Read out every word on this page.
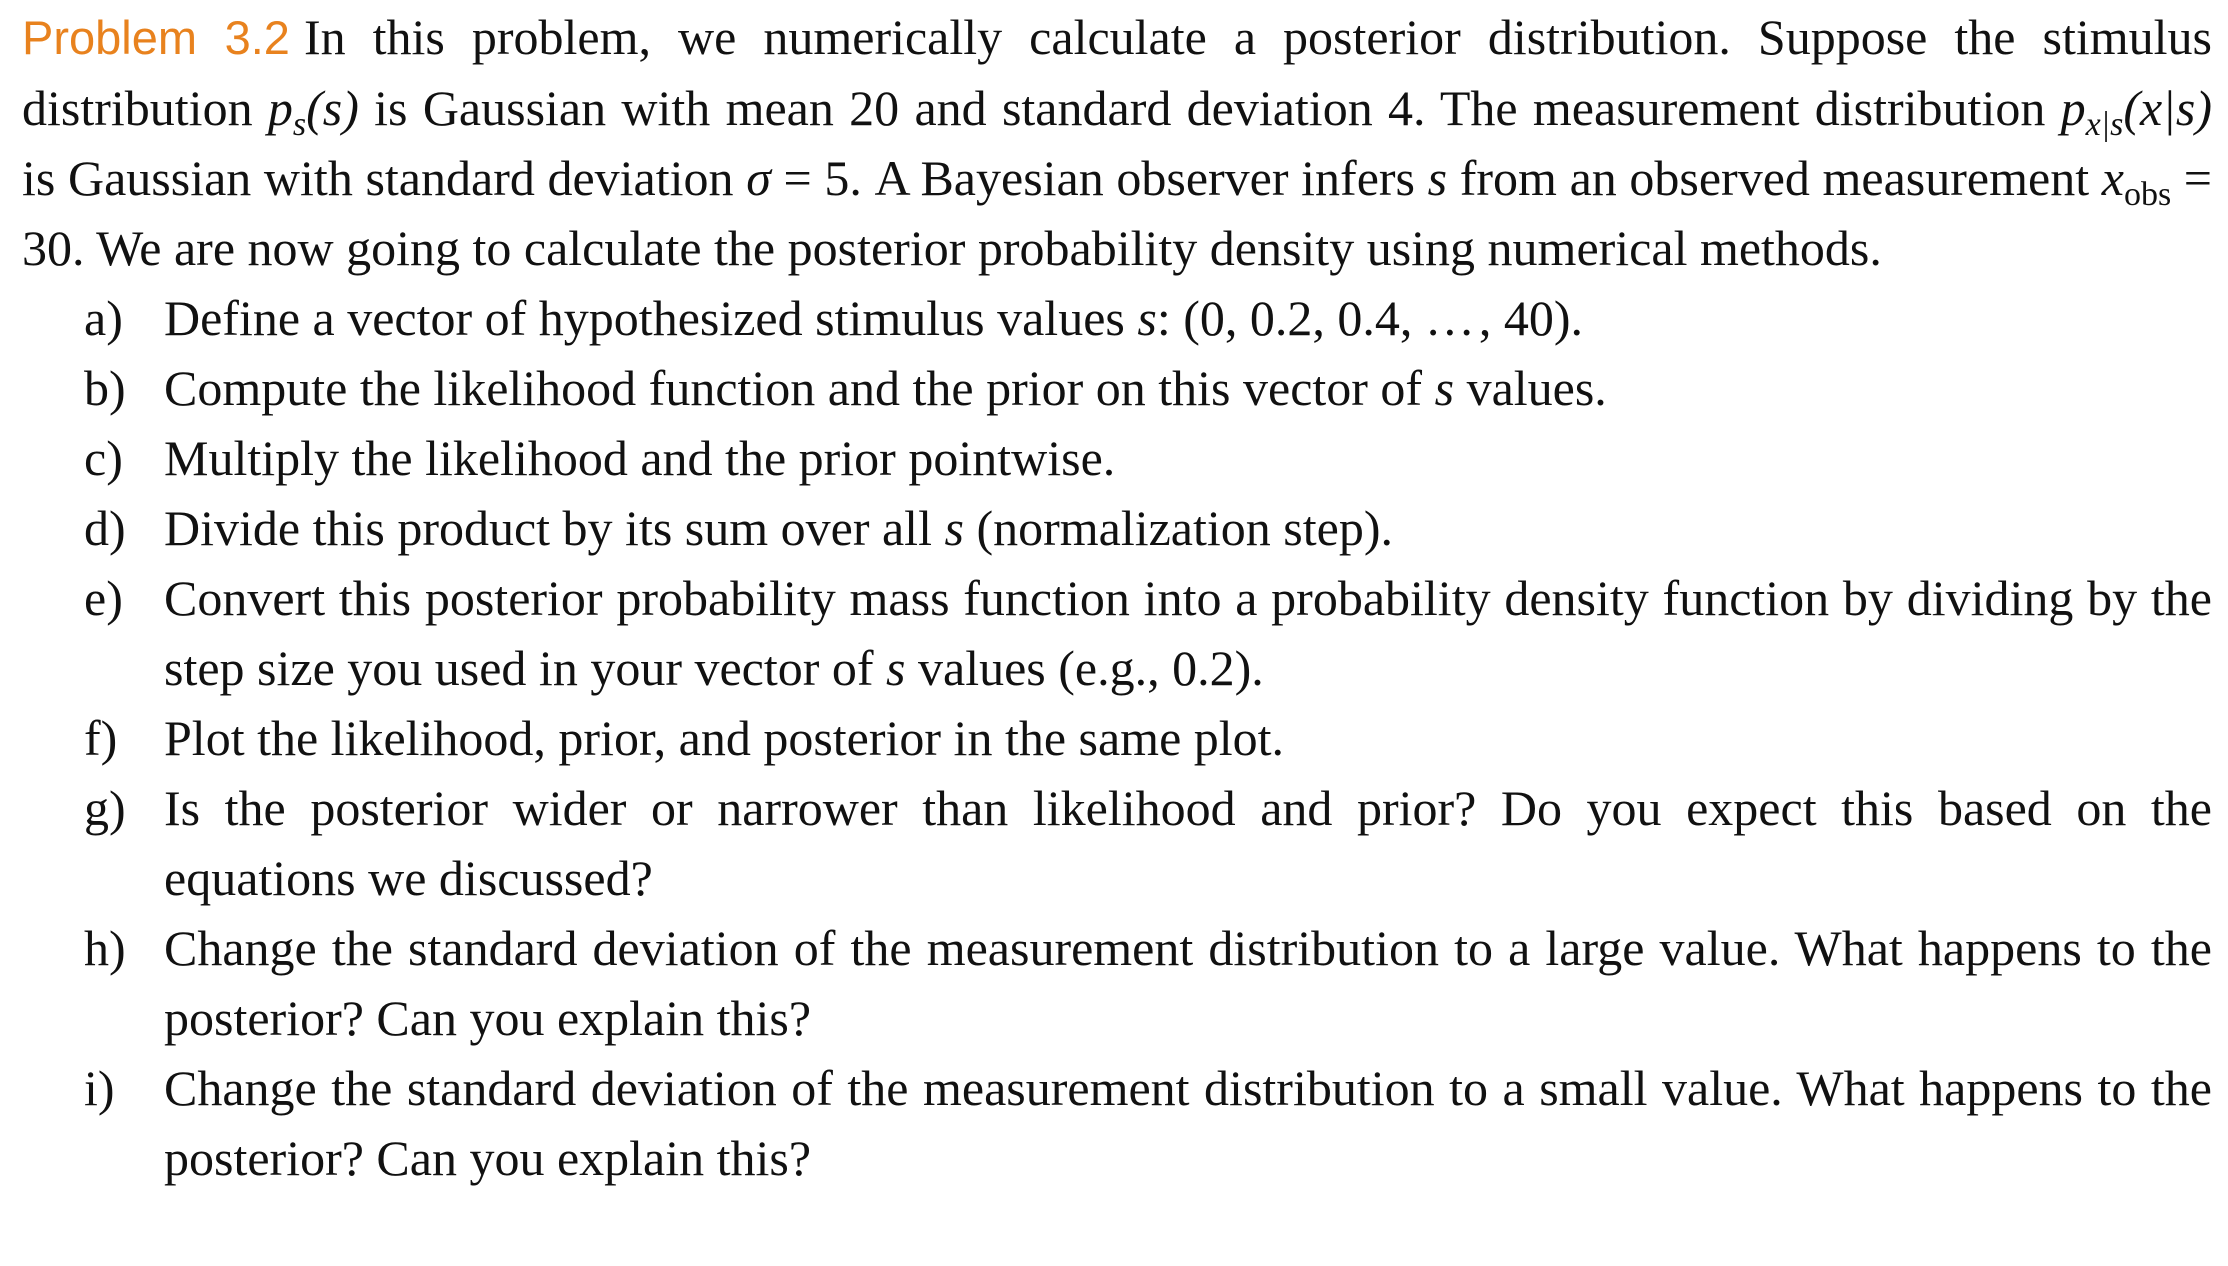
Problem 3.2 In this problem, we numerically calculate a posterior distribution. Suppose the stimulus distribution $p_s(s)$ is Gaussian with mean 20 and standard deviation 4. The measurement distribution $p_{x|s}(x|s)$ is Gaussian with standard deviation σ = 5. A Bayesian observer infers s from an observed measurement $x_{obs} = 30$. We are now going to calculate the posterior probability density using numerical methods.

a) Define a vector of hypothesized stimulus values s: (0, 0.2, 0.4, …, 40).
b) Compute the likelihood function and the prior on this vector of s values.
c) Multiply the likelihood and the prior pointwise.
d) Divide this product by its sum over all s (normalization step).
e) Convert this posterior probability mass function into a probability density function by dividing by the step size you used in your vector of s values (e.g., 0.2).
f) Plot the likelihood, prior, and posterior in the same plot.
g) Is the posterior wider or narrower than likelihood and prior? Do you expect this based on the equations we discussed?
h) Change the standard deviation of the measurement distribution to a large value. What happens to the posterior? Can you explain this?
i) Change the standard deviation of the measurement distribution to a small value. What happens to the posterior? Can you explain this?
